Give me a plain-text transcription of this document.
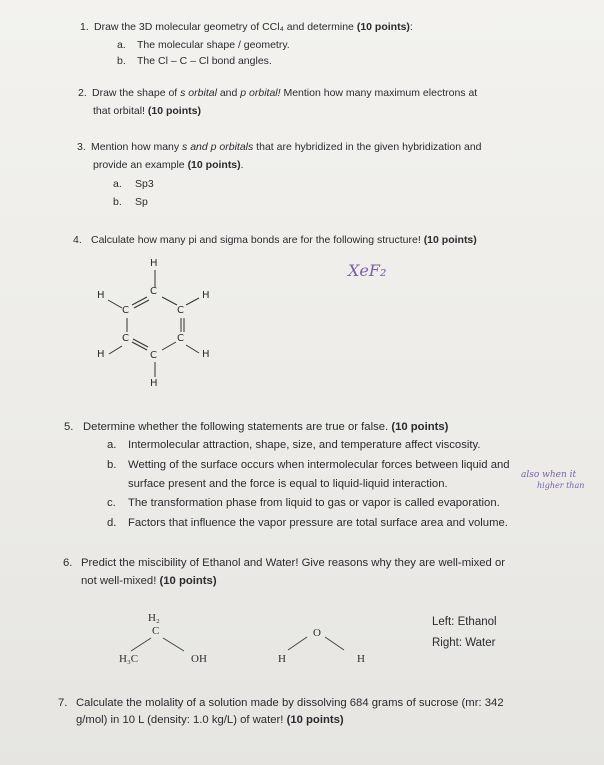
1. Draw the 3D molecular geometry of CCl₄ and determine (10 points):
a. The molecular shape / geometry.
b. The Cl – C – Cl bond angles.
2. Draw the shape of s orbital and p orbital! Mention how many maximum electrons at
that orbital! (10 points)
3. Mention how many s and p orbitals that are hybridized in the given hybridization and
provide an example (10 points).
a. Sp3
b. Sp
4. Calculate how many pi and sigma bonds are for the following structure! (10 points)
XeF₂
H
C
H	H
C	C
C	C
H	H
C
H
5. Determine whether the following statements are true or false. (10 points)
a. Intermolecular attraction, shape, size, and temperature affect viscosity.
b. Wetting of the surface occurs when intermolecular forces between liquid and
surface present and the force is equal to liquid-liquid interaction.
also when it
higher than
c. The transformation phase from liquid to gas or vapor is called evaporation.
d. Factors that influence the vapor pressure are total surface area and volume.
6. Predict the miscibility of Ethanol and Water! Give reasons why they are well-mixed or
not well-mixed! (10 points)
H₂
C
H₃C	OH
O
H	H
Left: Ethanol
Right: Water
7. Calculate the molality of a solution made by dissolving 684 grams of sucrose (mr: 342
g/mol) in 10 L (density: 1.0 kg/L) of water! (10 points)
